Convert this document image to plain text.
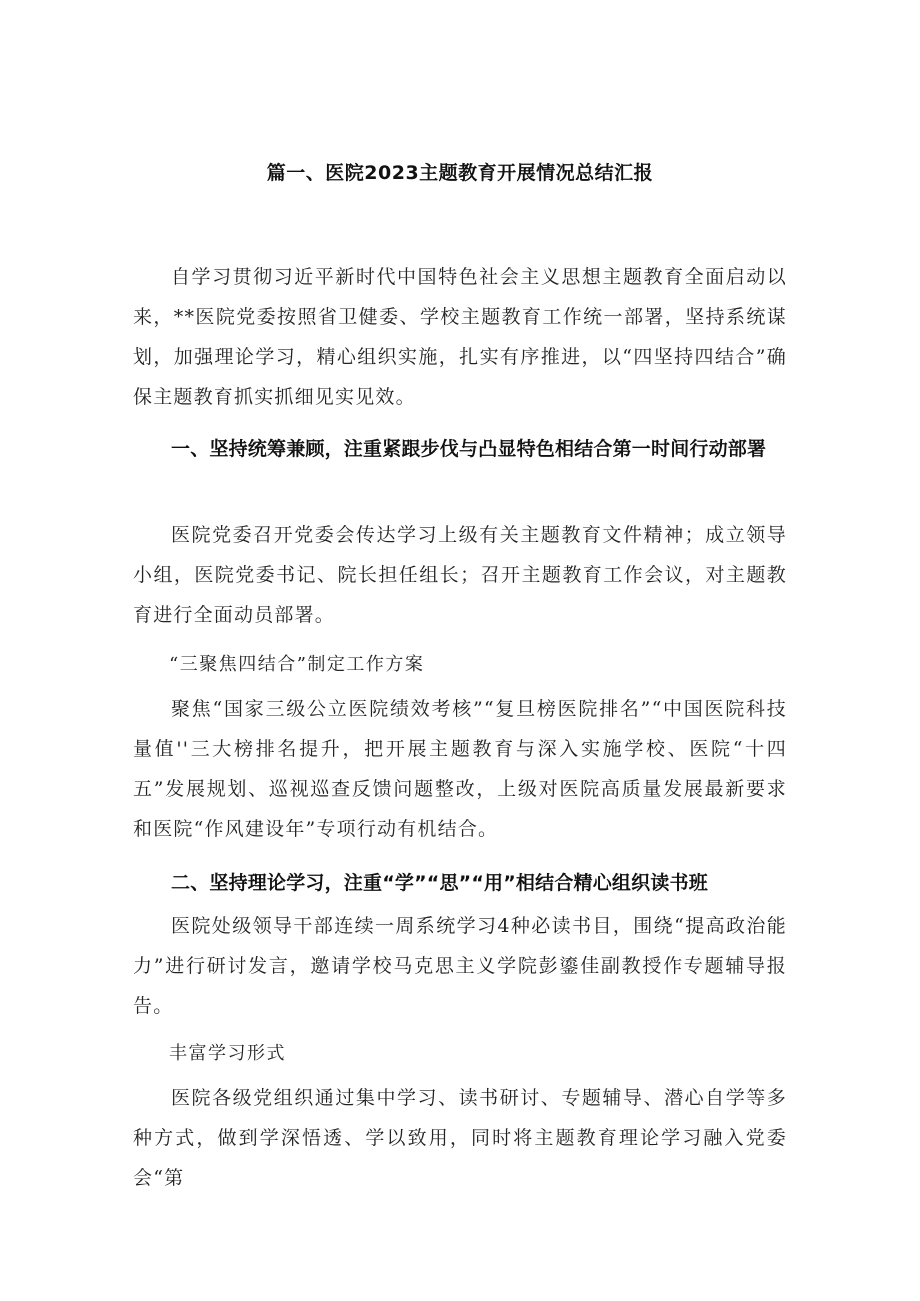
篇一、医院2023主题教育开展情况总结汇报

自学习贯彻习近平新时代中国特色社会主义思想主题教育全面启动以来，**医院党委按照省卫健委、学校主题教育工作统一部署，坚持系统谋划，加强理论学习，精心组织实施，扎实有序推进，以“四坚持四结合”确保主题教育抓实抓细见实见效。

一、坚持统筹兼顾，注重紧跟步伐与凸显特色相结合第一时间行动部署

医院党委召开党委会传达学习上级有关主题教育文件精神；成立领导小组，医院党委书记、院长担任组长；召开主题教育工作会议，对主题教育进行全面动员部署。

“三聚焦四结合”制定工作方案

聚焦“国家三级公立医院绩效考核”“复旦榜医院排名”“中国医院科技量值''三大榜排名提升，把开展主题教育与深入实施学校、医院“十四五”发展规划、巡视巡查反馈问题整改，上级对医院高质量发展最新要求和医院“作风建设年”专项行动有机结合。

二、坚持理论学习，注重“学”“思”“用”相结合精心组织读书班

医院处级领导干部连续一周系统学习4种必读书目，围绕“提高政治能力”进行研讨发言，邀请学校马克思主义学院彭鎏佳副教授作专题辅导报告。

丰富学习形式

医院各级党组织通过集中学习、读书研讨、专题辅导、潜心自学等多种方式，做到学深悟透、学以致用，同时将主题教育理论学习融入党委会“第
